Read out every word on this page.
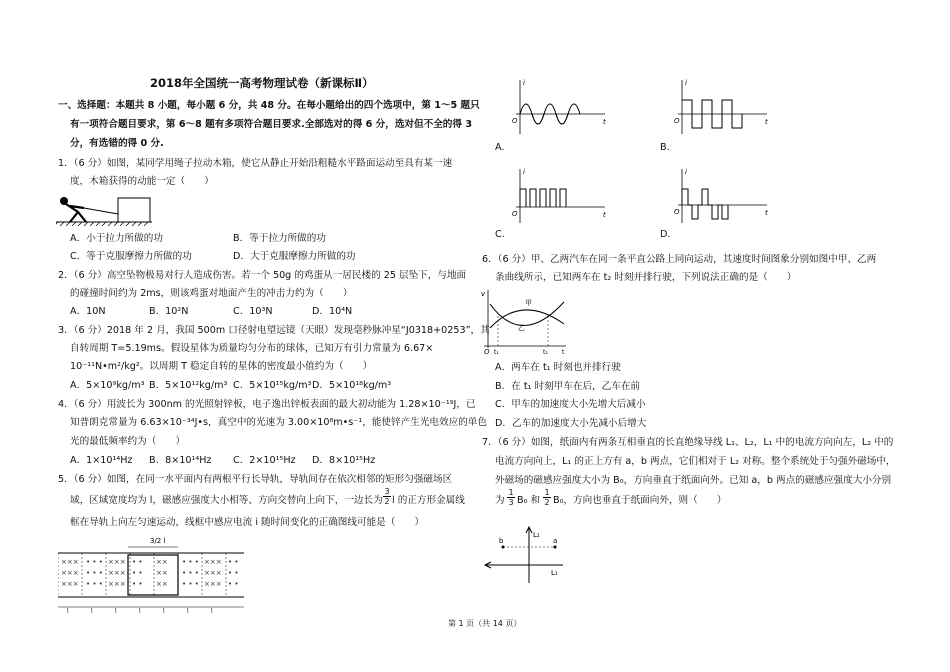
2018年全国统一高考物理试卷（新课标Ⅱ）
一、选择题：本题共 8 小题，每小题 6 分，共 48 分。在每小题给出的四个选项中，第 1～5 题只
有一项符合题目要求，第 6～8 题有多项符合题目要求.全部选对的得 6 分，选对但不全的得 3
分，有选错的得 0 分.
1．（6 分）如图，某同学用绳子拉动木箱，使它从静止开始沿粗糙水平路面运动至具有某一速
度，木箱获得的动能一定（　　）
A．小于拉力所做的功	B．等于拉力所做的功
C．等于克服摩擦力所做的功	D．大于克服摩擦力所做的功
2．（6 分）高空坠物极易对行人造成伤害。若一个 50g 的鸡蛋从一居民楼的 25 层坠下，与地面
的碰撞时间约为 2ms，则该鸡蛋对地面产生的冲击力约为（　　）
A．10N	B．10²N	C．10³N	D．10⁴N
3．（6 分）2018 年 2 月，我国 500m 口径射电望远镜（天眼）发现毫秒脉冲星“J0318+0253”，其
自转周期 T=5.19ms。假设星体为质量均匀分布的球体，已知万有引力常量为 6.67×
10⁻¹¹N•m²/kg²。以周期 T 稳定自转的星体的密度最小值约为（　　）
A．5×10⁹kg/m³ B．5×10¹²kg/m³ C．5×10¹⁵kg/m³ D．5×10¹⁸kg/m³
4．（6 分）用波长为 300nm 的光照射锌板，电子逸出锌板表面的最大初动能为 1.28×10⁻¹⁹J，已
知普朗克常量为 6.63×10⁻³⁴J•s，真空中的光速为 3.00×10⁸m•s⁻¹，能使锌产生光电效应的单色
光的最低频率约为（　　）
A．1×10¹⁴Hz B．8×10¹⁴Hz C．2×10¹⁵Hz D．8×10¹⁵Hz
5．（6 分）如图，在同一水平面内有两根平行长导轨，导轨间存在依次相邻的矩形匀强磁场区
域，区域宽度均为 l，磁感应强度大小相等、方向交替向上向下，一边长为 $\frac{3}{2}$ l 的正方形金属线
框在导轨上向左匀速运动，线框中感应电流 i 随时间变化的正确图线可能是（　　）
3/2 l
×××
×××
×××
• • •
• • •
• • •
×××
×××
×××
• •
• •
• •
××
××
××
• • •
• • •
• • •
×××
×××
×××
• •
• •
• •
l	l	l	l	l	l	l
i
t
O
A.
i
t
O
B.
i
t
O
C.
i
t
O
D.
6．（6 分）甲、乙两汽车在同一条平直公路上同向运动，其速度时间图象分别如图中甲、乙两
条曲线所示，已知两车在 t₂ 时刻并排行驶，下列说法正确的是（　　）
v
O t₁	t₂ t
甲
乙
A．两车在 t₁ 时刻也并排行驶
B．在 t₁ 时刻甲车在后，乙车在前
C．甲车的加速度大小先增大后减小
D．乙车的加速度大小先减小后增大
7．（6 分）如图，纸面内有两条互相垂直的长直绝缘导线 L₁、L₂，L₁ 中的电流方向向左，L₂ 中的
电流方向向上，L₁ 的正上方有 a，b 两点，它们相对于 L₂ 对称。整个系统处于匀强外磁场中，
外磁场的磁感应强度大小为 B₀，方向垂直于纸面向外。已知 a，b 两点的磁感应强度大小分别
为 $\frac{1}{3} B_0$ 和 $\frac{1}{2} B_0$，方向也垂直于纸面向外，则（　　）
b	a
L₂
L₁
第 1 页（共 14 页）
